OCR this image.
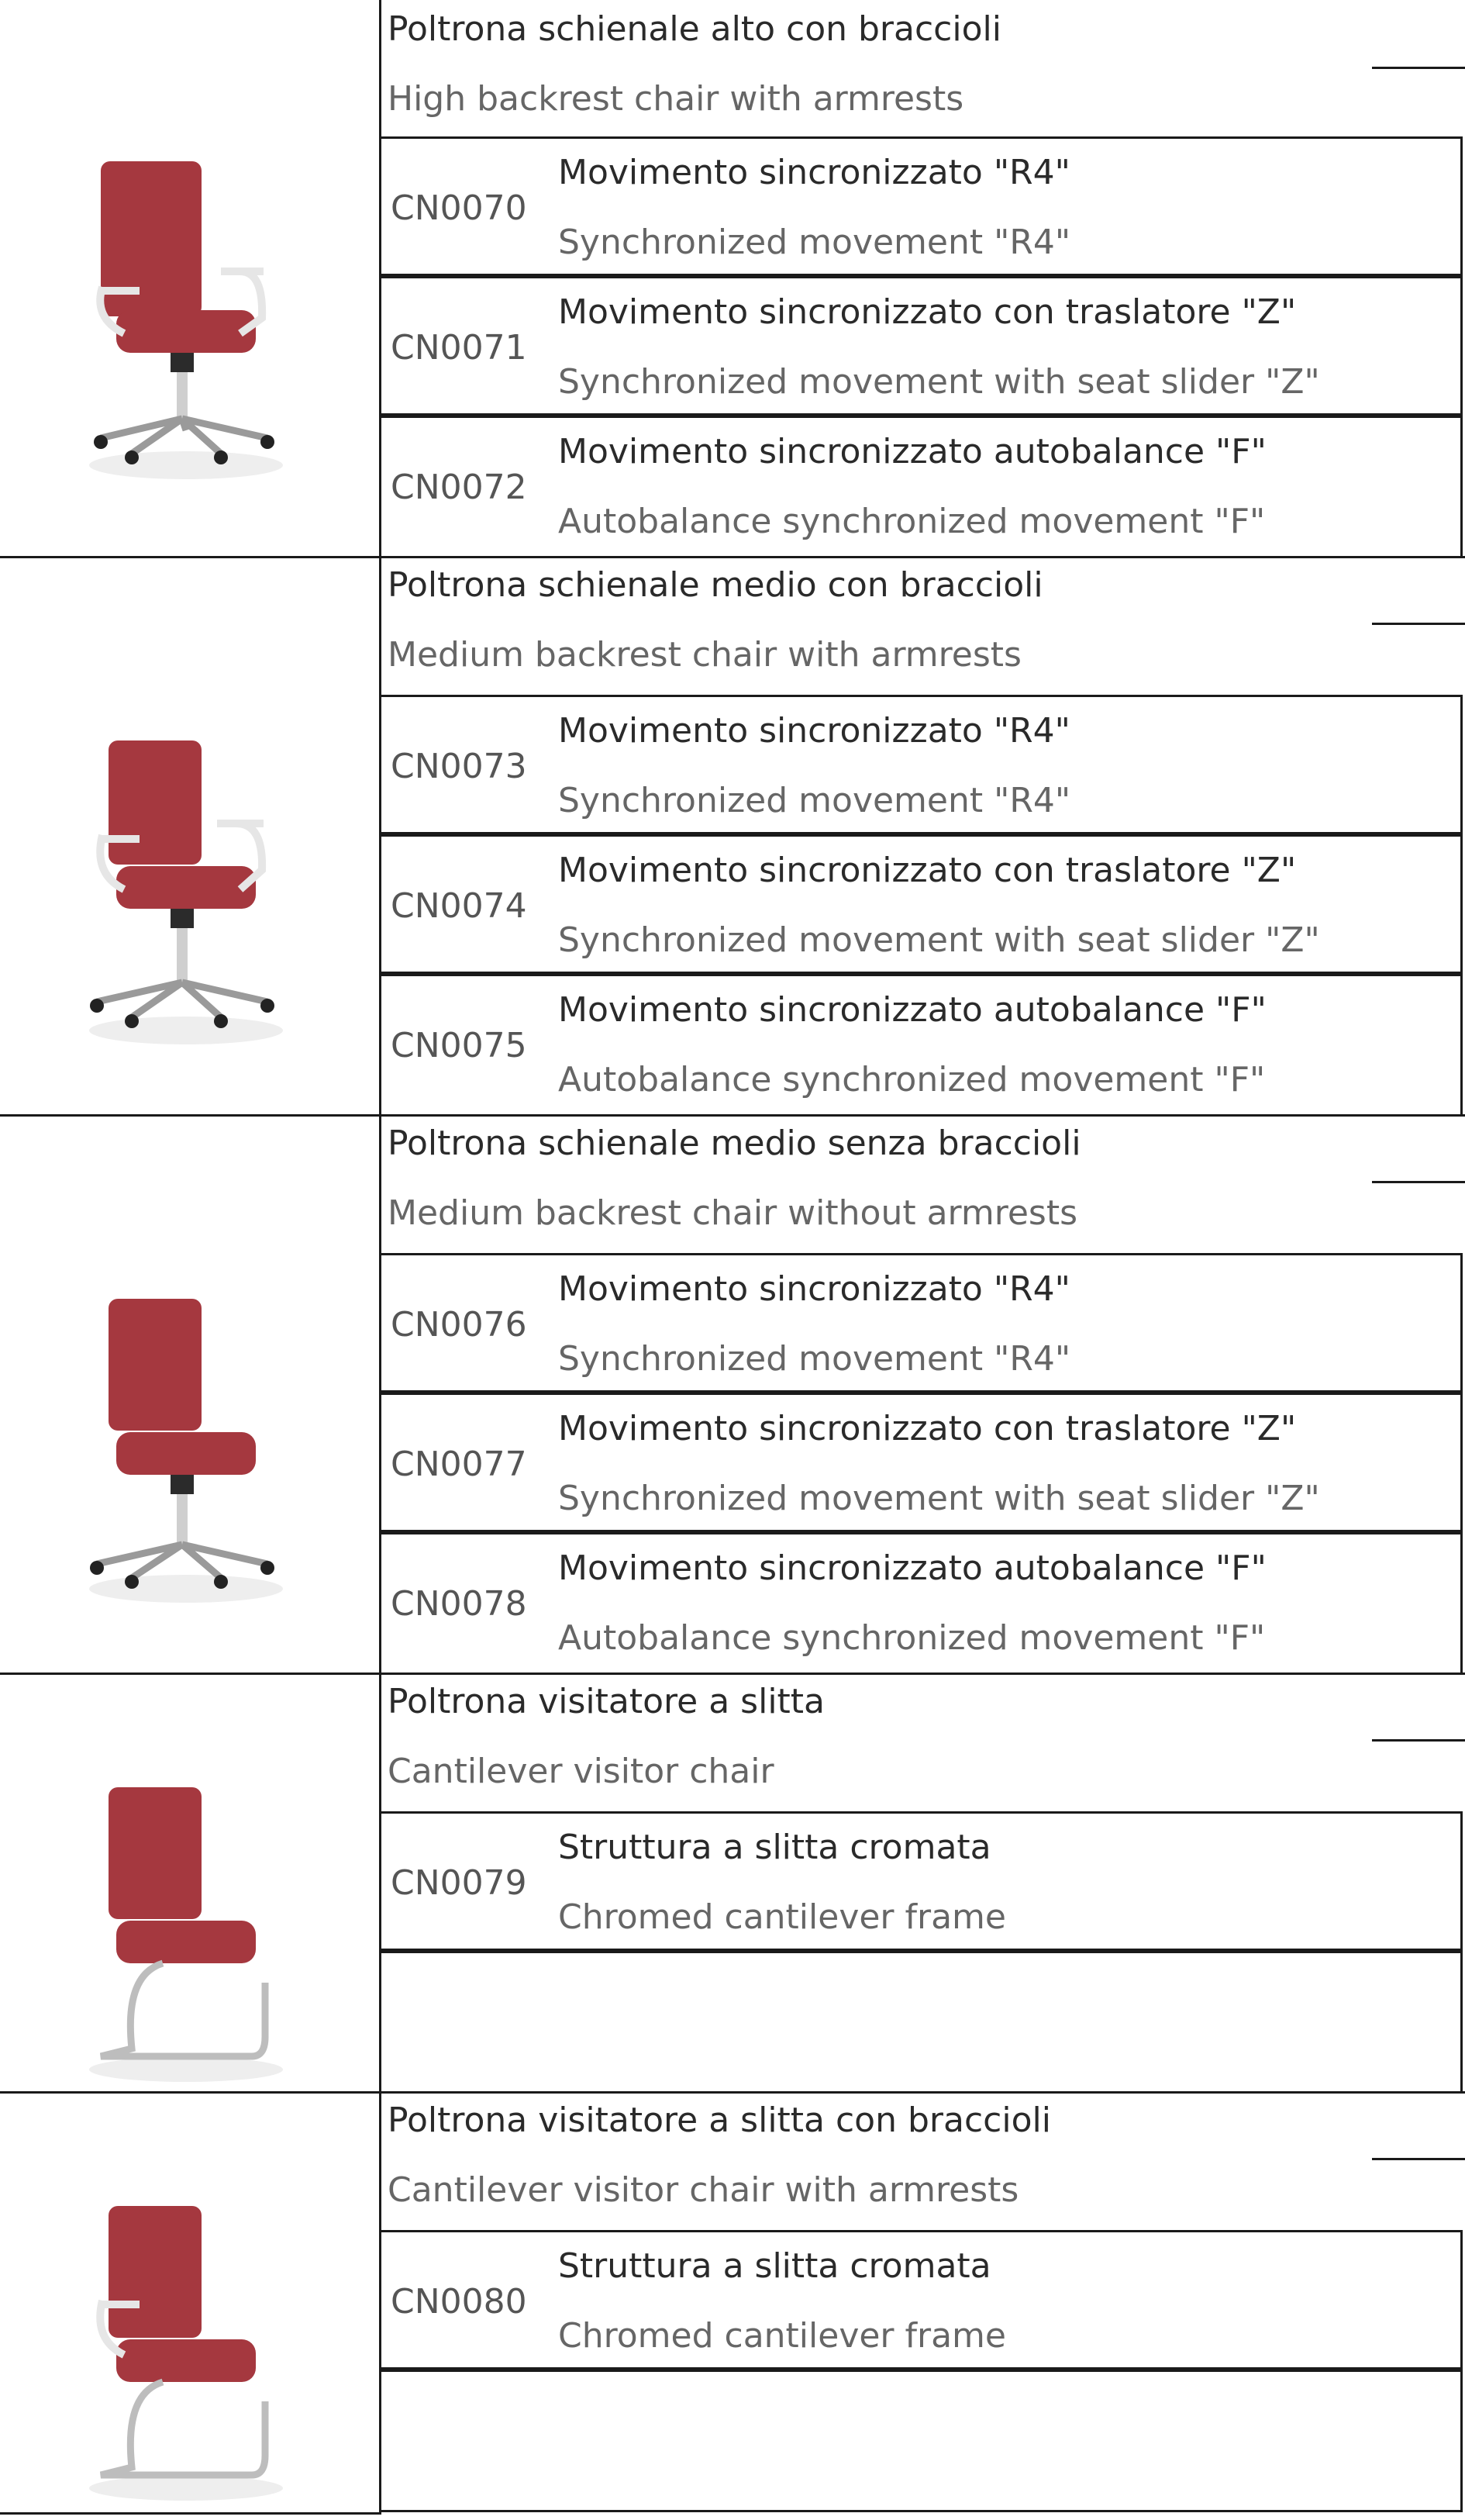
Poltrona schienale alto con braccioli
High backrest chair with armrests
CN0070
Movimento sincronizzato "R4"
Synchronized movement "R4"
CN0071
Movimento sincronizzato con traslatore "Z"
Synchronized movement with seat slider "Z"
CN0072
Movimento sincronizzato autobalance "F"
Autobalance synchronized movement "F"
Poltrona schienale medio con braccioli
Medium backrest chair with armrests
CN0073
Movimento sincronizzato "R4"
Synchronized movement "R4"
CN0074
Movimento sincronizzato con traslatore "Z"
Synchronized movement with seat slider "Z"
CN0075
Movimento sincronizzato autobalance "F"
Autobalance synchronized movement "F"
Poltrona schienale medio senza braccioli
Medium backrest chair without armrests
CN0076
Movimento sincronizzato "R4"
Synchronized movement "R4"
CN0077
Movimento sincronizzato con traslatore "Z"
Synchronized movement with seat slider "Z"
CN0078
Movimento sincronizzato autobalance "F"
Autobalance synchronized movement "F"
Poltrona visitatore a slitta
Cantilever visitor chair
CN0079
Struttura a slitta cromata
Chromed cantilever frame
Poltrona visitatore a slitta con braccioli
Cantilever visitor chair with armrests
CN0080
Struttura a slitta cromata
Chromed cantilever frame
